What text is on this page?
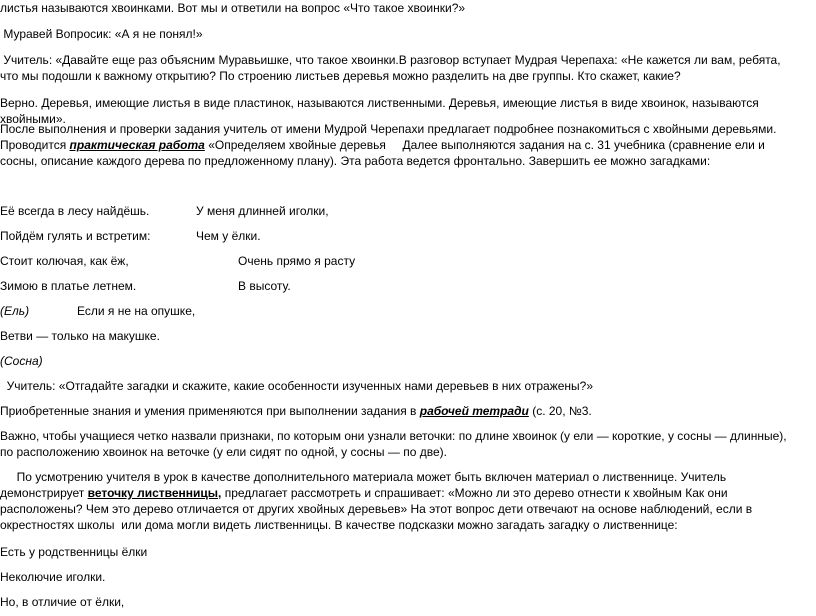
листья называются хвоинками. Вот мы и ответили на вопрос «Что такое хвоинки?»
Муравей Вопросик: «А я не понял!»
Учитель: «Давайте еще раз объясним Муравьишке, что такое хвоинки.В разговор вступает Мудрая Черепаха: «Не кажется ли вам, ребята, что мы подошли к важному открытию? По строению листьев деревья можно разделить на две группы. Кто скажет, какие?
Верно. Деревья, имеющие листья в виде пластинок, называются лиственными. Деревья, имеющие листья в виде хвоинок, называются хвойными».
После выполнения и проверки задания учитель от имени Мудрой Черепахи предлагает подробнее познакомиться с хвойными деревьями. Проводится практическая работа «Определяем хвойные деревья     Далее выполняются задания на с. 31 учебника (сравнение ели и сосны, описание каждого дерева по предложенному плану). Эта работа ведется фронтально. Завершить ее можно загадками:
Её всегда в лесу найдёшь.	У меня длинней иголки,
Пойдём гулять и встретим:	Чем у ёлки.
Стоит колючая, как ёж,	Очень прямо я расту
Зимою в платье летнем.	В высоту.
(Ель)	Если я не на опушке,
Ветви — только на макушке.
(Сосна)
Учитель: «Отгадайте загадки и скажите, какие особенности изученных нами деревьев в них отражены?»
Приобретенные знания и умения применяются при выполнении задания в рабочей тетради (с. 20, №3.
Важно, чтобы учащиеся четко назвали признаки, по которым они узнали веточки: по длине хвоинок (у ели — короткие, у сосны — длинные), по расположению хвоинок на веточке (у ели сидят по одной, у сосны — по две).
По усмотрению учителя в урок в качестве дополнительного материала может быть включен материал о лиственнице. Учитель демонстрирует веточку лиственницы, предлагает рассмотреть и спрашивает: «Можно ли это дерево отнести к хвойным Как они расположены? Чем это дерево отличается от других хвойных деревьев» На этот вопрос дети отвечают на основе наблюдений, если в окрестностях школы  или дома могли видеть лиственницы. В качестве подсказки можно загадать загадку о лиственнице:
Есть у родственницы ёлки
Неколючие иголки.
Но, в отличие от ёлки,
